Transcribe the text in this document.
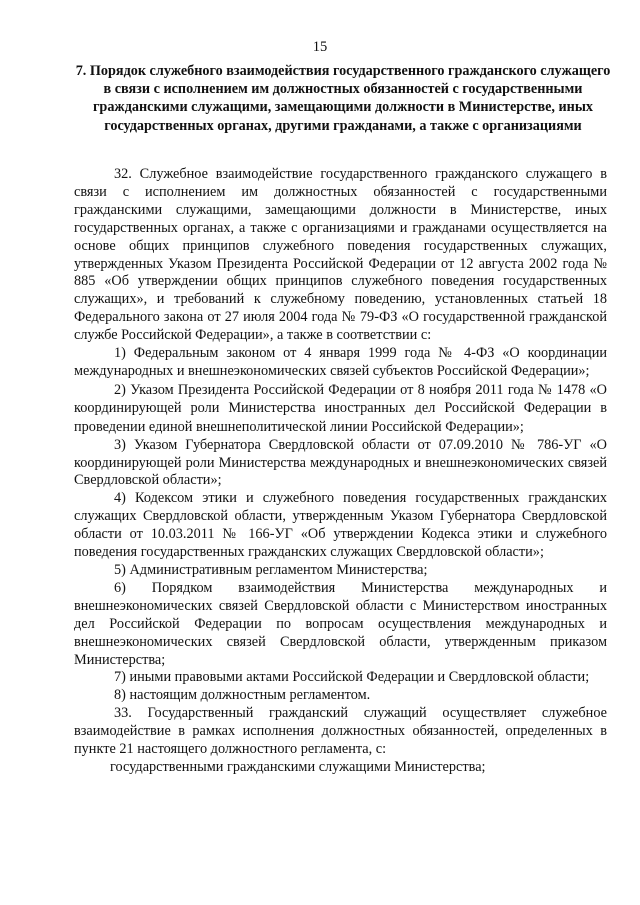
15
7. Порядок служебного взаимодействия государственного гражданского служащего в связи с исполнением им должностных обязанностей с государственными гражданскими служащими, замещающими должности в Министерстве, иных государственных органах, другими гражданами, а также с организациями

32. Служебное взаимодействие государственного гражданского служащего в связи с исполнением им должностных обязанностей с государственными гражданскими служащими, замещающими должности в Министерстве, иных государственных органах, а также с организациями и гражданами осуществляется на основе общих принципов служебного поведения государственных служащих, утвержденных Указом Президента Российской Федерации от 12 августа 2002 года № 885 «Об утверждении общих принципов служебного поведения государственных служащих», и требований к служебному поведению, установленных статьей 18 Федерального закона от 27 июля 2004 года № 79-ФЗ «О государственной гражданской службе Российской Федерации», а также в соответствии с:

1) Федеральным законом от 4 января 1999 года № 4-ФЗ «О координации международных и внешнеэкономических связей субъектов Российской Федерации»;

2) Указом Президента Российской Федерации от 8 ноября 2011 года № 1478 «О координирующей роли Министерства иностранных дел Российской Федерации в проведении единой внешнеполитической линии Российской Федерации»;

3) Указом Губернатора Свердловской области от 07.09.2010 № 786-УГ «О координирующей роли Министерства международных и внешнеэкономических связей Свердловской области»;

4) Кодексом этики и служебного поведения государственных гражданских служащих Свердловской области, утвержденным Указом Губернатора Свердловской области от 10.03.2011 № 166-УГ «Об утверждении Кодекса этики и служебного поведения государственных гражданских служащих Свердловской области»;

5) Административным регламентом Министерства;

6) Порядком взаимодействия Министерства международных и внешнеэкономических связей Свердловской области с Министерством иностранных дел Российской Федерации по вопросам осуществления международных и внешнеэкономических связей Свердловской области, утвержденным приказом Министерства;

7) иными правовыми актами Российской Федерации и Свердловской области;

8) настоящим должностным регламентом.

33. Государственный гражданский служащий осуществляет служебное взаимодействие в рамках исполнения должностных обязанностей, определенных в пункте 21 настоящего должностного регламента, с:

государственными гражданскими служащими Министерства;
